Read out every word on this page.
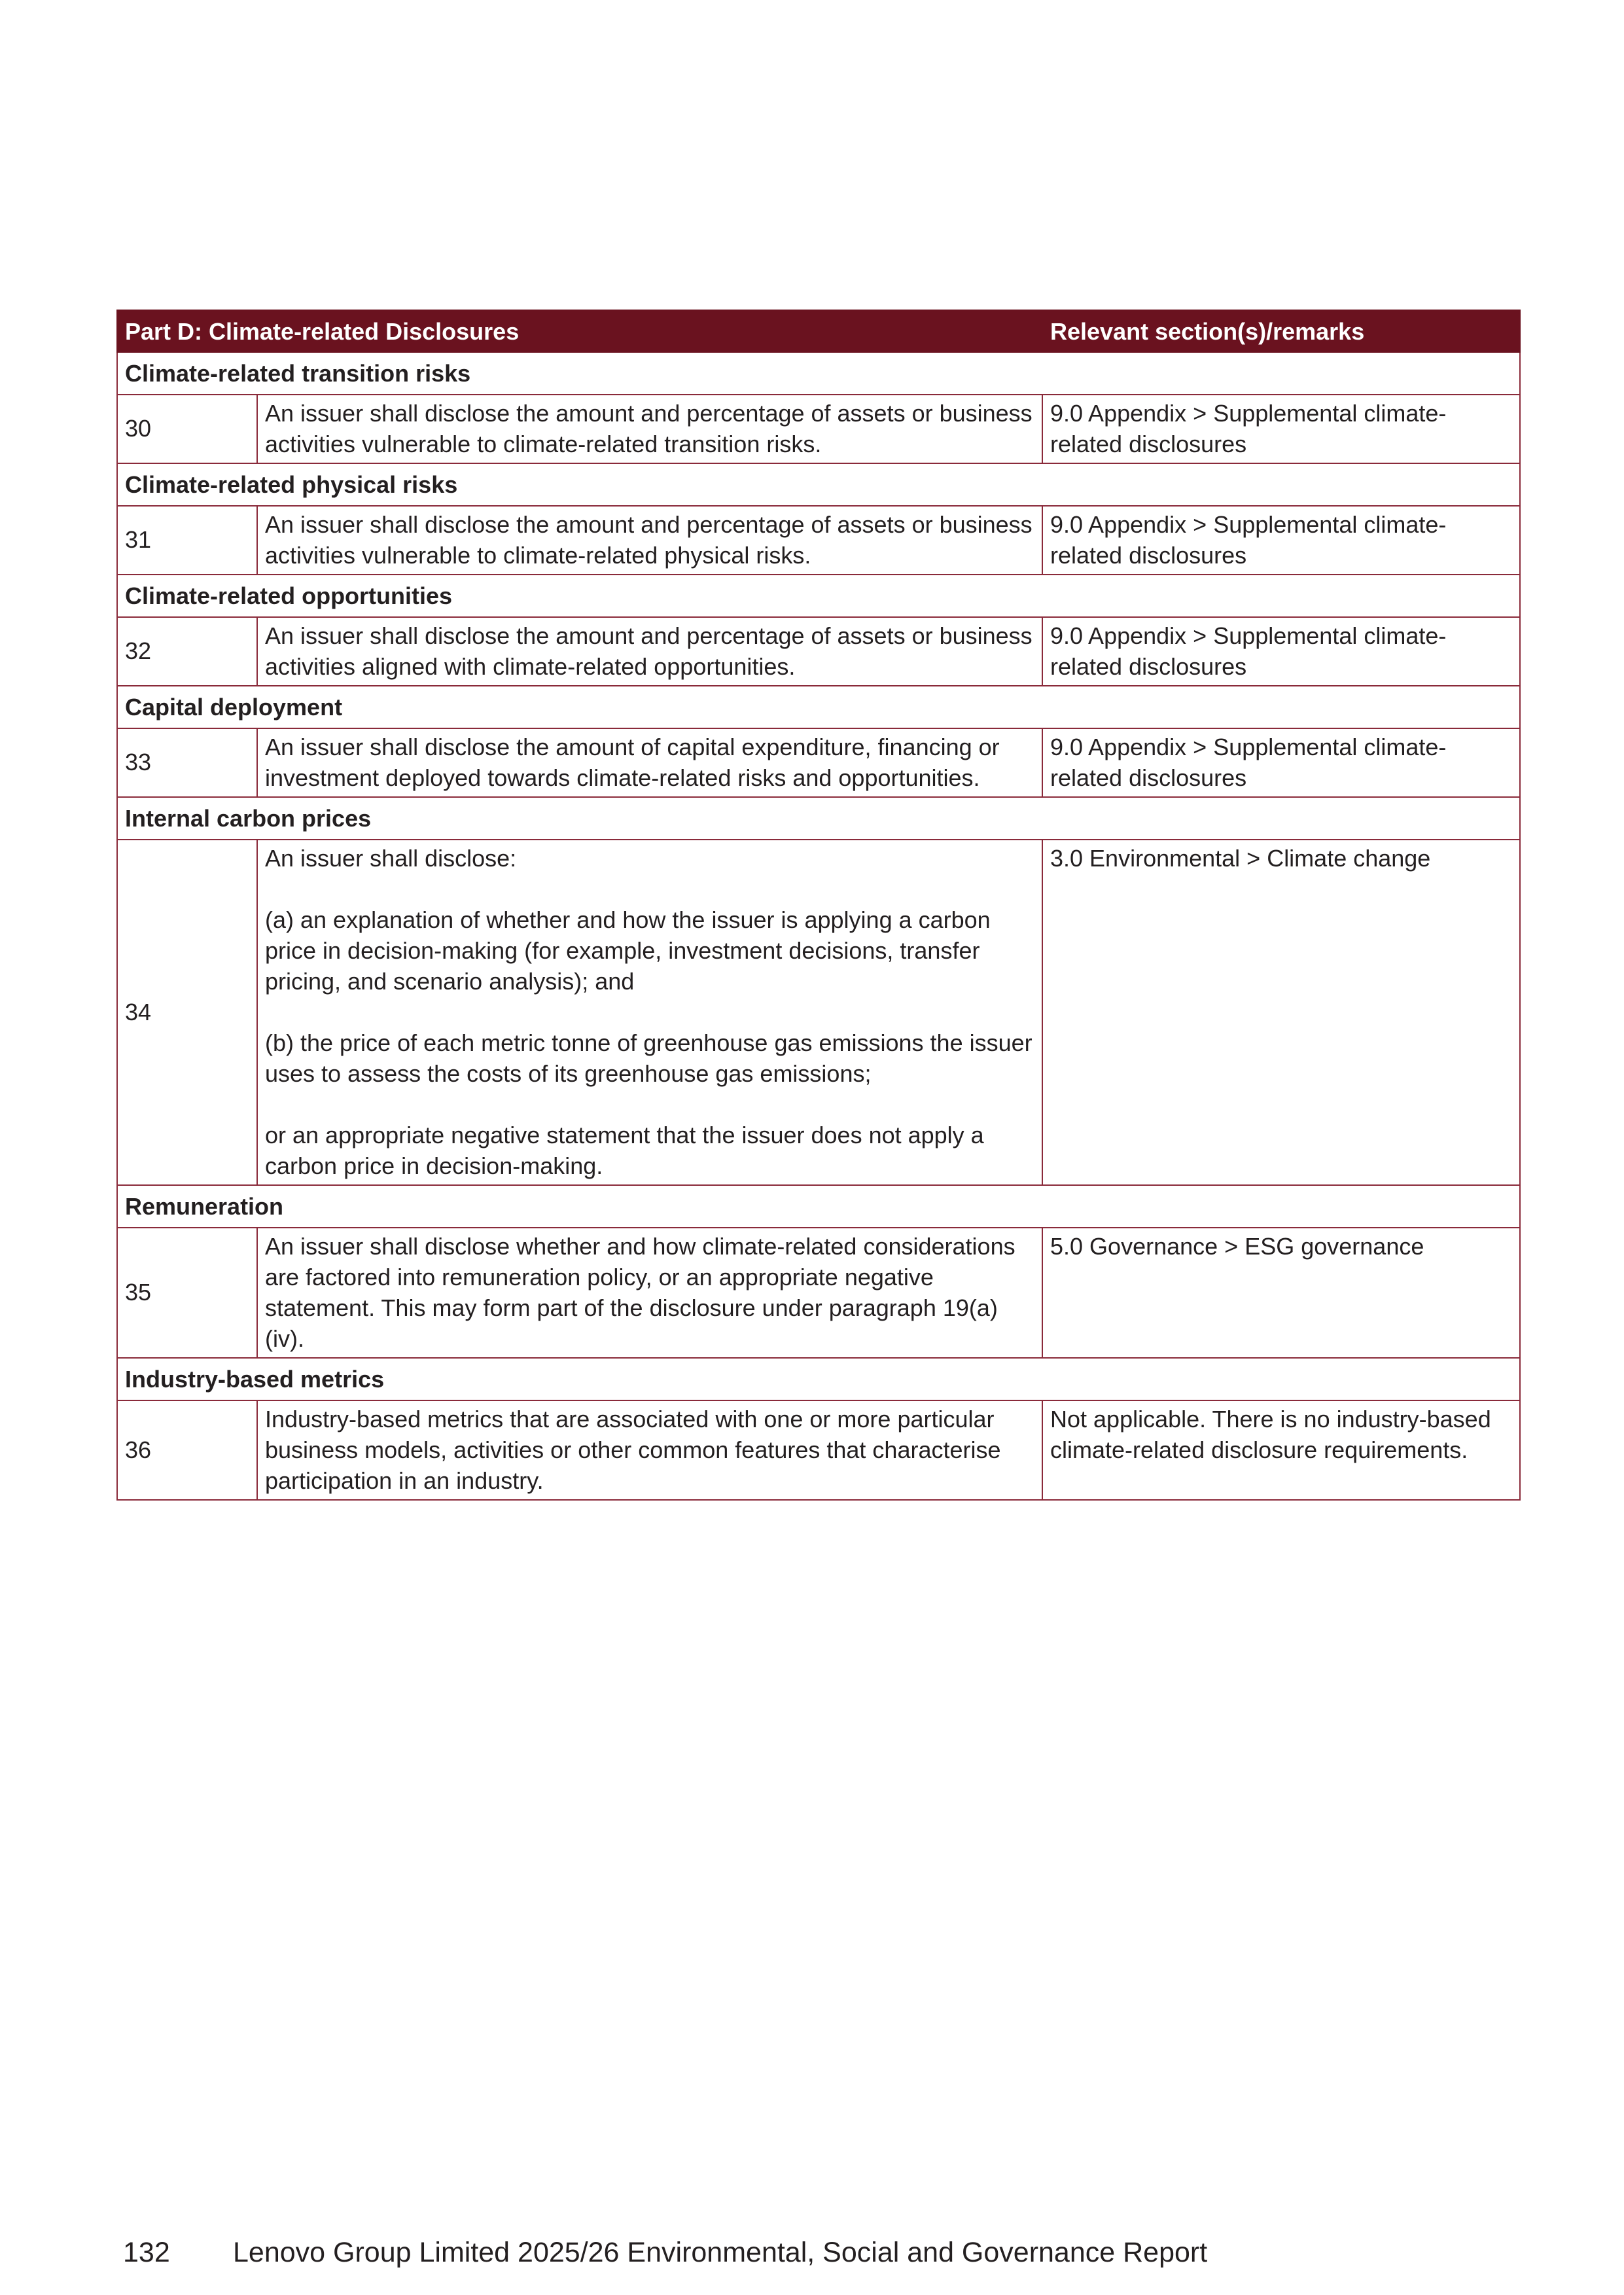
Part D: Climate-related Disclosures		Relevant section(s)/remarks
Climate-related transition risks		
30	An issuer shall disclose the amount and percentage of assets or business activities vulnerable to climate-related transition risks.	9.0 Appendix > Supplemental climate-related disclosures
Climate-related physical risks		
31	An issuer shall disclose the amount and percentage of assets or business activities vulnerable to climate-related physical risks.	9.0 Appendix > Supplemental climate-related disclosures
Climate-related opportunities		
32	An issuer shall disclose the amount and percentage of assets or business activities aligned with climate-related opportunities.	9.0 Appendix > Supplemental climate-related disclosures
Capital deployment		
33	An issuer shall disclose the amount of capital expenditure, financing or investment deployed towards climate-related risks and opportunities.	9.0 Appendix > Supplemental climate-related disclosures
Internal carbon prices		
34	An issuer shall disclose:
(a) an explanation of whether and how the issuer is applying a carbon price in decision-making (for example, investment decisions, transfer pricing, and scenario analysis); and
(b) the price of each metric tonne of greenhouse gas emissions the issuer uses to assess the costs of its greenhouse gas emissions;
or an appropriate negative statement that the issuer does not apply a carbon price in decision-making.	3.0 Environmental > Climate change
Remuneration		
35	An issuer shall disclose whether and how climate-related considerations are factored into remuneration policy, or an appropriate negative statement. This may form part of the disclosure under paragraph 19(a)(iv).	5.0 Governance > ESG governance
Industry-based metrics		
36	Industry-based metrics that are associated with one or more particular business models, activities or other common features that characterise participation in an industry.	Not applicable. There is no industry-based climate-related disclosure requirements.
132 Lenovo Group Limited 2025/26 Environmental, Social and Governance Report
